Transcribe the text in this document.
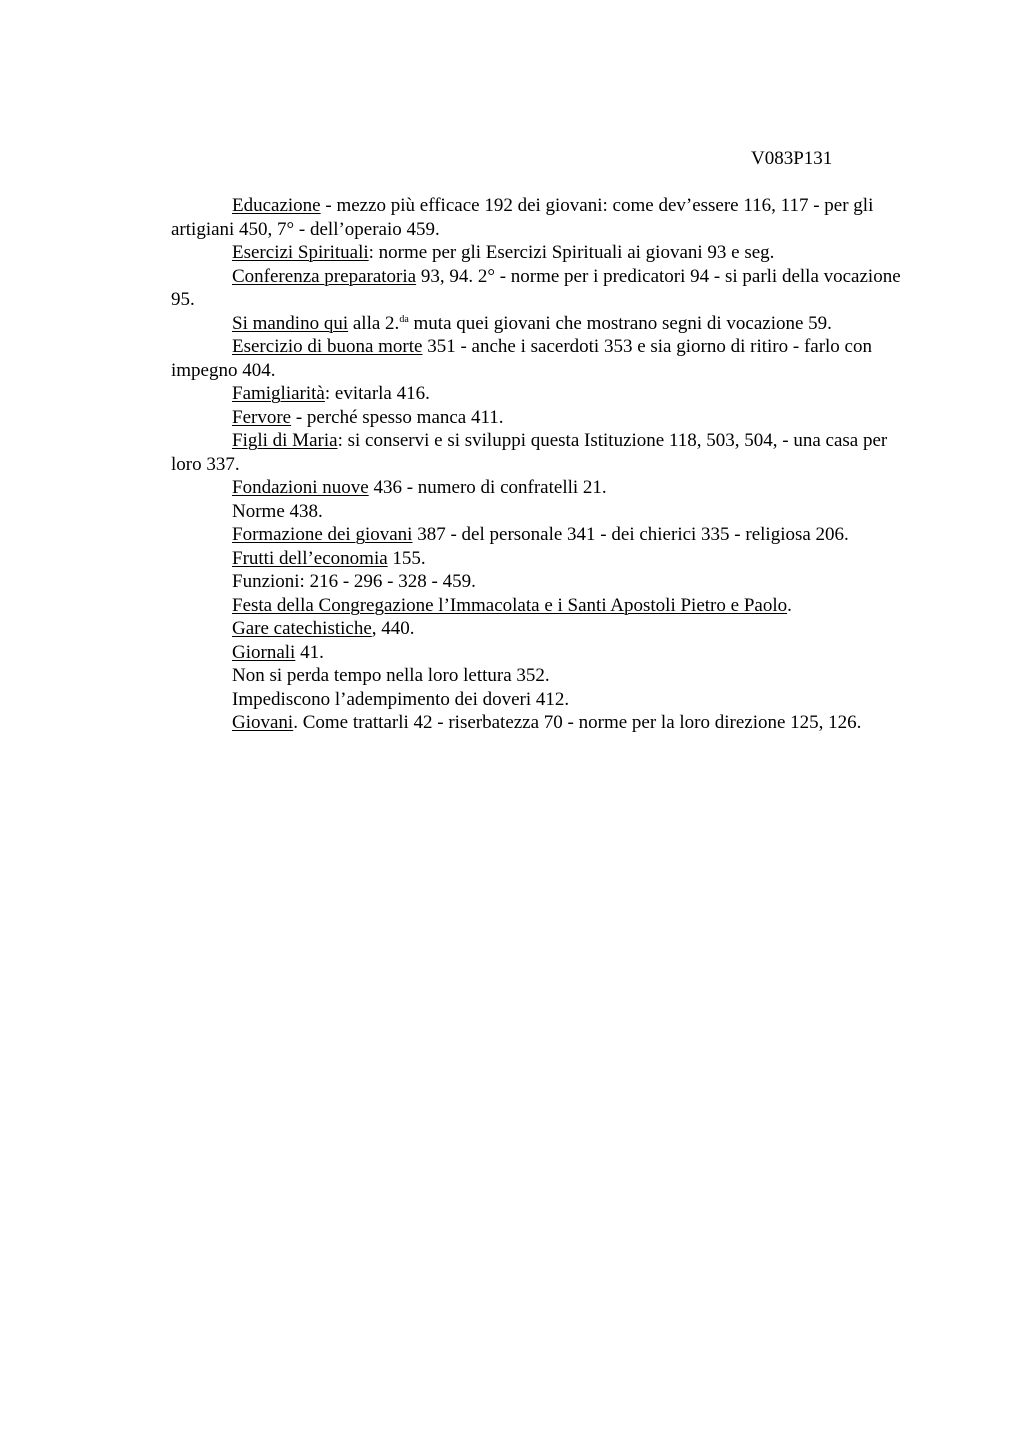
V083P131

Educazione - mezzo più efficace 192 dei giovani: come dev’essere 116, 117 - per gli artigiani 450, 7° - dell’operaio 459.

Esercizi Spirituali: norme per gli Esercizi Spirituali ai giovani 93 e seg.

Conferenza preparatoria 93, 94. 2° - norme per i predicatori 94 - si parli della vocazione 95.

Si mandino qui alla 2.$^{da}$ muta quei giovani che mostrano segni di vocazione 59.

Esercizio di buona morte 351 - anche i sacerdoti 353 e sia giorno di ritiro - farlo con impegno 404.

Famigliarità: evitarla 416.

Fervore - perché spesso manca 411.

Figli di Maria: si conservi e si sviluppi questa Istituzione 118, 503, 504, - una casa per loro 337.

Fondazioni nuove 436 - numero di confratelli 21.

Norme 438.

Formazione dei giovani 387 - del personale 341 - dei chierici 335 - religiosa 206.

Frutti dell’economia 155.

Funzioni: 216 - 296 - 328 - 459.

Festa della Congregazione l’Immacolata e i Santi Apostoli Pietro e Paolo.

Gare catechistiche, 440.

Giornali 41.

Non si perda tempo nella loro lettura 352.

Impediscono l’adempimento dei doveri 412.

Giovani. Come trattarli 42 - riserbatezza 70 - norme per la loro direzione 125, 126.
